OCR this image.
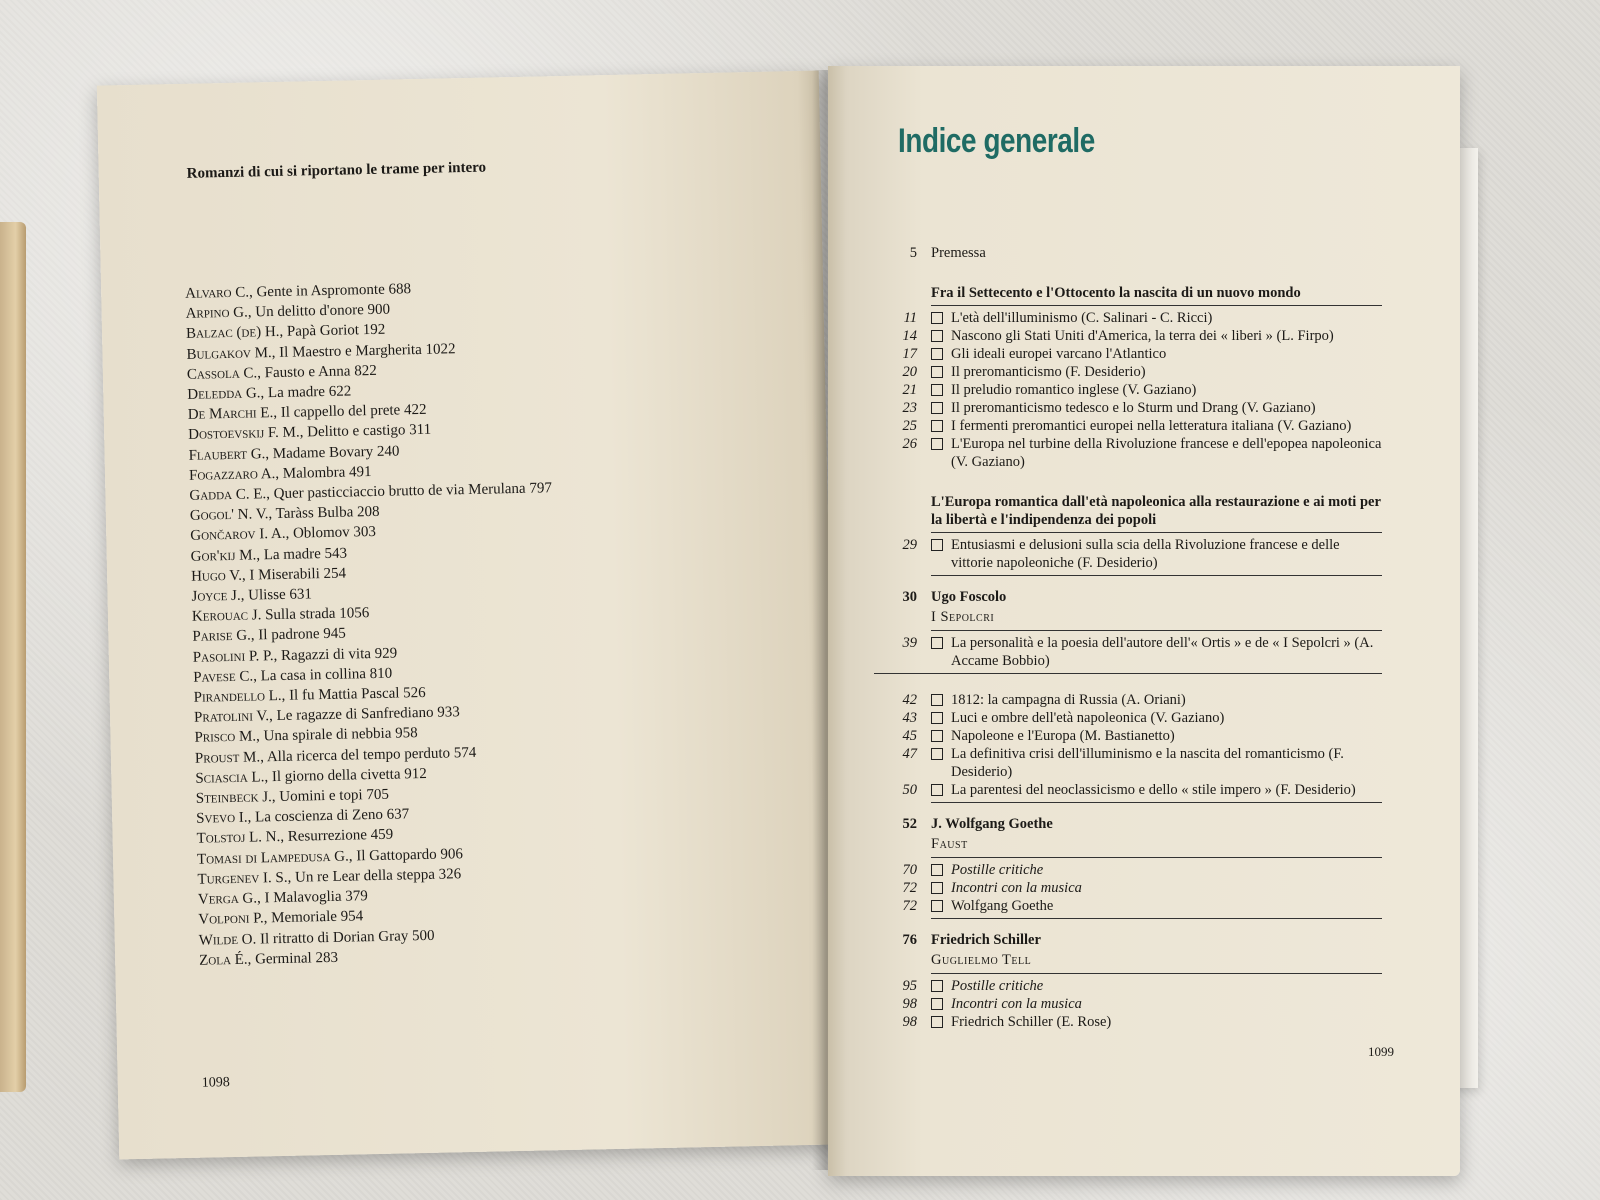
Romanzi di cui si riportano le trame per intero
Alvaro C., Gente in Aspromonte 688
Arpino G., Un delitto d'onore 900
Balzac (de) H., Papà Goriot 192
Bulgakov M., Il Maestro e Margherita 1022
Cassola C., Fausto e Anna 822
Deledda G., La madre 622
De Marchi E., Il cappello del prete 422
Dostoevskij F. M., Delitto e castigo 311
Flaubert G., Madame Bovary 240
Fogazzaro A., Malombra 491
Gadda C. E., Quer pasticciaccio brutto de via Merulana 797
Gogol' N. V., Taràss Bulba 208
Gončarov I. A., Oblomov 303
Gor'kij M., La madre 543
Hugo V., I Miserabili 254
Joyce J., Ulisse 631
Kerouac J. Sulla strada 1056
Parise G., Il padrone 945
Pasolini P. P., Ragazzi di vita 929
Pavese C., La casa in collina 810
Pirandello L., Il fu Mattia Pascal 526
Pratolini V., Le ragazze di Sanfrediano 933
Prisco M., Una spirale di nebbia 958
Proust M., Alla ricerca del tempo perduto 574
Sciascia L., Il giorno della civetta 912
Steinbeck J., Uomini e topi 705
Svevo I., La coscienza di Zeno 637
Tolstoj L. N., Resurrezione 459
Tomasi di Lampedusa G., Il Gattopardo 906
Turgenev I. S., Un re Lear della steppa 326
Verga G., I Malavoglia 379
Volponi P., Memoriale 954
Wilde O. Il ritratto di Dorian Gray 500
Zola É., Germinal 283
1098
Indice generale
5 Premessa
Fra il Settecento e l'Ottocento la nascita di un nuovo mondo
11	L'età dell'illuminismo (C. Salinari - C. Ricci)
14	Nascono gli Stati Uniti d'America, la terra dei « liberi » (L. Firpo)
17	Gli ideali europei varcano l'Atlantico
20	Il preromanticismo (F. Desiderio)
21	Il preludio romantico inglese (V. Gaziano)
23	Il preromanticismo tedesco e lo Sturm und Drang (V. Gaziano)
25	I fermenti preromantici europei nella letteratura italiana (V. Gaziano)
26	L'Europa nel turbine della Rivoluzione francese e dell'epopea napoleonica (V. Gaziano)
L'Europa romantica dall'età napoleonica alla restaurazione e ai moti per la libertà e l'indipendenza dei popoli
29	Entusiasmi e delusioni sulla scia della Rivoluzione francese e delle vittorie napoleoniche (F. Desiderio)
30 Ugo Foscolo
I Sepolcri
39	La personalità e la poesia dell'autore dell'« Ortis » e de « I Sepolcri » (A. Accame Bobbio)
42	1812: la campagna di Russia (A. Oriani)
43	Luci e ombre dell'età napoleonica (V. Gaziano)
45	Napoleone e l'Europa (M. Bastianetto)
47	La definitiva crisi dell'illuminismo e la nascita del romanticismo (F. Desiderio)
50	La parentesi del neoclassicismo e dello « stile impero » (F. Desiderio)
52 J. Wolfgang Goethe
Faust
70	Postille critiche
72	Incontri con la musica
72	Wolfgang Goethe
76 Friedrich Schiller
Guglielmo Tell
95	Postille critiche
98	Incontri con la musica
98	Friedrich Schiller (E. Rose)
1099
